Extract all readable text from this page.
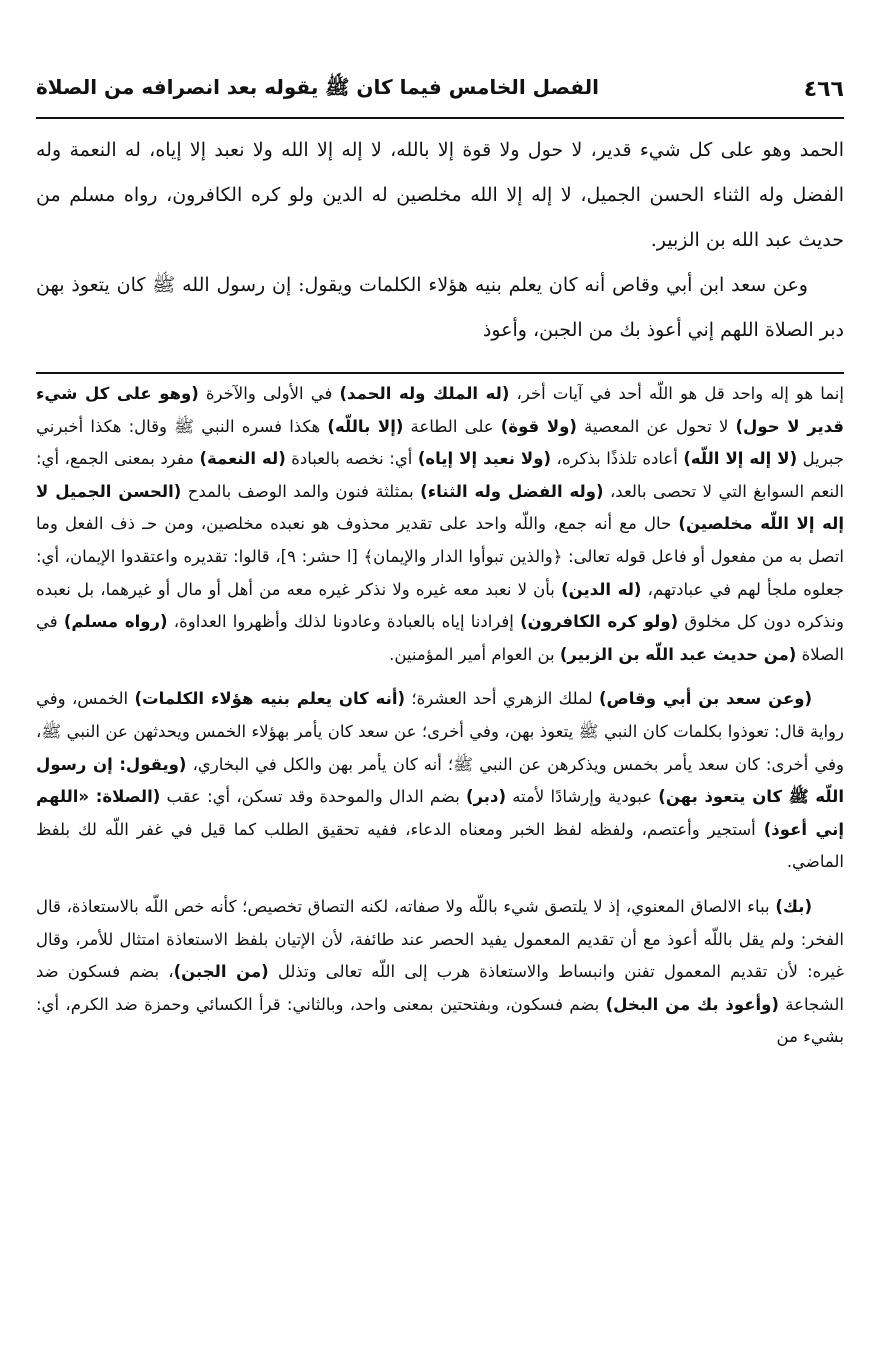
٤٦٦
الفصل الخامس فيما كان ﷺ يقوله بعد انصرافه من الصلاة

الحمد وهو على كل شيء قدير، لا حول ولا قوة إلا بالله، لا إله إلا الله ولا نعبد إلا إياه، له النعمة وله الفضل وله الثناء الحسن الجميل، لا إله إلا الله مخلصين له الدين ولو كره الكافرون، رواه مسلم من حديث عبد الله بن الزبير.

وعن سعد ابن أبي وقاص أنه كان يعلم بنيه هؤلاء الكلمات ويقول: إن رسول الله ﷺ كان يتعوذ بهن دبر الصلاة اللهم إني أعوذ بك من الجبن، وأعوذ

إنما هو إله واحد قل هو اللّه أحد في آيات أخر، (له الملك وله الحمد) في الأولى والآخرة (وهو على كل شيء قدير لا حول) لا تحول عن المعصية (ولا قوة) على الطاعة (إلا باللّه) هكذا فسره النبي ﷺ وقال: هكذا أخبرني جبريل (لا إله إلا اللّه) أعاده تلذذًا بذكره، (ولا نعبد إلا إياه) أي: نخصه بالعبادة (له النعمة) مفرد بمعنى الجمع، أي: النعم السوابغ التي لا تحصى بالعد، (وله الفضل وله الثناء) بمثلثة فنون والمد الوصف بالمدح (الحسن الجميل لا إله إلا اللّه مخلصين) حال مع أنه جمع، واللّه واحد على تقدير محذوف هو نعبده مخلصين، ومن حـ ذف الفعل وما اتصل به من مفعول أو فاعل قوله تعالى: ﴿والذين تبوأوا الدار والإيمان﴾ [ا حشر: ٩]، قالوا: تقديره واعتقدوا الإيمان، أي: جعلوه ملجأ لهم في عبادتهم، (له الدين) بأن لا نعبد معه غيره ولا نذكر غيره معه من أهل أو مال أو غيرهما، بل نعبده ونذكره دون كل مخلوق (ولو كره الكافرون) إفرادنا إياه بالعبادة وعادونا لذلك وأظهروا العداوة، (رواه مسلم) في الصلاة (من حديث عبد اللّه بن الزبير) بن العوام أمير المؤمنين.

(وعن سعد بن أبي وقاص) لملك الزهري أحد العشرة؛ (أنه كان يعلم بنيه هؤلاء الكلمات) الخمس، وفي رواية قال: تعوذوا بكلمات كان النبي ﷺ يتعوذ بهن، وفي أخرى؛ عن سعد كان يأمر بهؤلاء الخمس ويحدثهن عن النبي ﷺ، وفي أخرى: كان سعد يأمر بخمس ويذكرهن عن النبي ﷺ؛ أنه كان يأمر بهن والكل في البخاري، (ويقول: إن رسول اللّه ﷺ كان يتعوذ بهن) عبودية وإرشادًا لأمته (دبر) بضم الدال والموحدة وقد تسكن، أي: عقب (الصلاة: «اللهم إني أعوذ) أستجير وأعتصم، ولفظه لفظ الخبر ومعناه الدعاء، ففيه تحقيق الطلب كما قيل في غفر اللّه لك بلفظ الماضي.

(بك) بباء الالصاق المعنوي، إذ لا يلتصق شيء باللّه ولا صفاته، لكنه التصاق تخصيص؛ كأنه خص اللّه بالاستعاذة، قال الفخر: ولم يقل باللّه أعوذ مع أن تقديم المعمول يفيد الحصر عند طائفة، لأن الإتيان بلفظ الاستعاذة امتثال للأمر، وقال غيره: لأن تقديم المعمول تفنن وانبساط والاستعاذة هرب إلى اللّه تعالى وتذلل (من الجبن)، بضم فسكون ضد الشجاعة (وأعوذ بك من البخل) بضم فسكون، وبفتحتين بمعنى واحد، وبالثاني: قرأ الكسائي وحمزة ضد الكرم، أي: بشيء من
